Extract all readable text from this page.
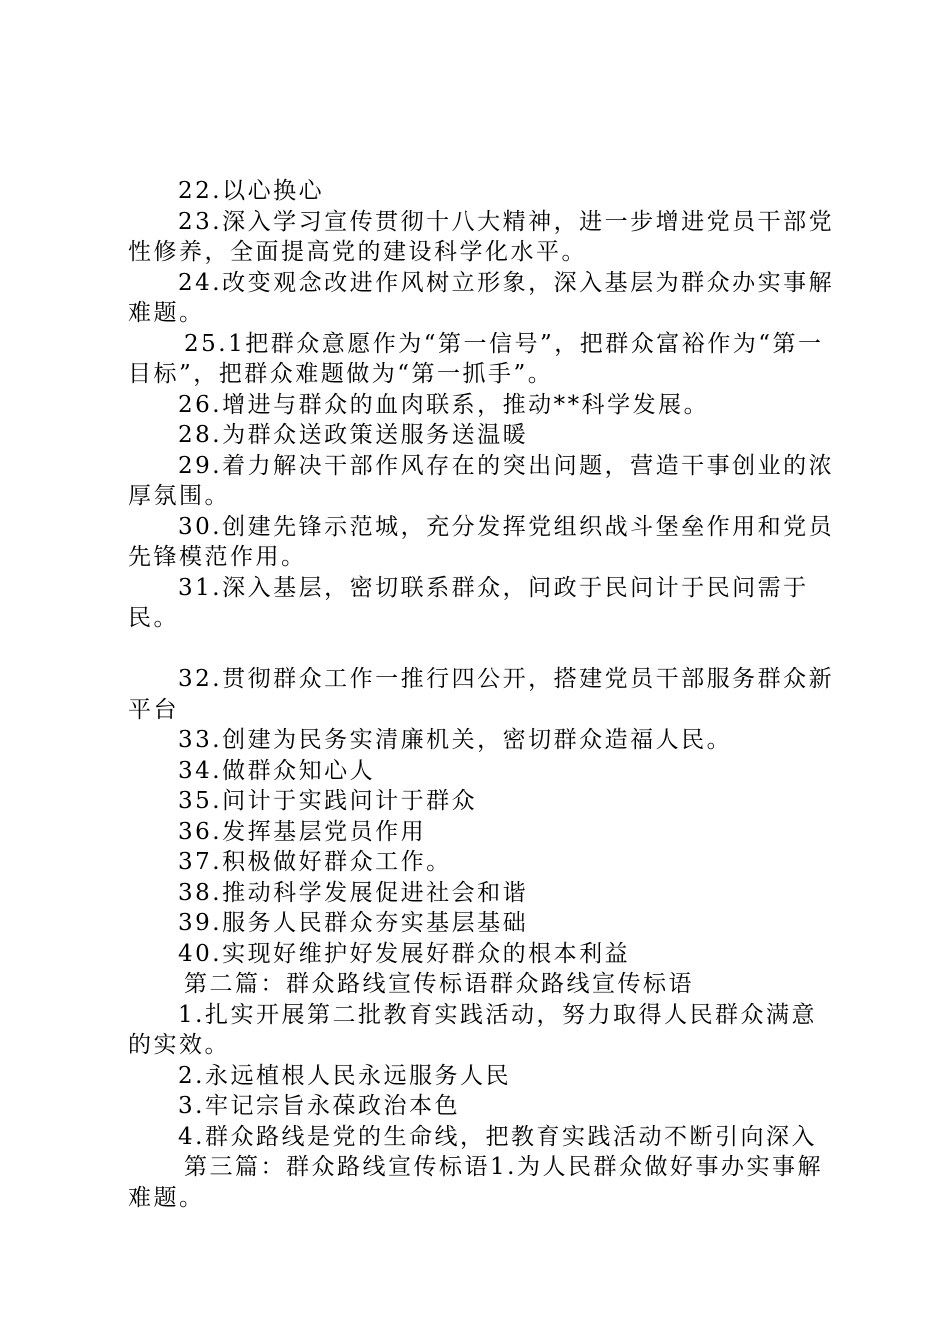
22.以心换心

23.深入学习宣传贯彻十八大精神，进一步增进党员干部党性修养，全面提高党的建设科学化水平。

24.改变观念改进作风树立形象，深入基层为群众办实事解难题。

25.1把群众意愿作为“第一信号”，把群众富裕作为“第一目标”，把群众难题做为“第一抓手”。

26.增进与群众的血肉联系，推动**科学发展。

28.为群众送政策送服务送温暖

29.着力解决干部作风存在的突出问题，营造干事创业的浓厚氛围。

30.创建先锋示范城，充分发挥党组织战斗堡垒作用和党员先锋模范作用。

31.深入基层，密切联系群众，问政于民问计于民问需于民。

32.贯彻群众工作一推行四公开，搭建党员干部服务群众新平台

33.创建为民务实清廉机关，密切群众造福人民。

34.做群众知心人

35.问计于实践问计于群众

36.发挥基层党员作用

37.积极做好群众工作。

38.推动科学发展促进社会和谐

39.服务人民群众夯实基层基础

40.实现好维护好发展好群众的根本利益

第二篇：群众路线宣传标语群众路线宣传标语

1.扎实开展第二批教育实践活动，努力取得人民群众满意的实效。

2.永远植根人民永远服务人民

3.牢记宗旨永葆政治本色

4.群众路线是党的生命线，把教育实践活动不断引向深入

第三篇：群众路线宣传标语1.为人民群众做好事办实事解难题。
